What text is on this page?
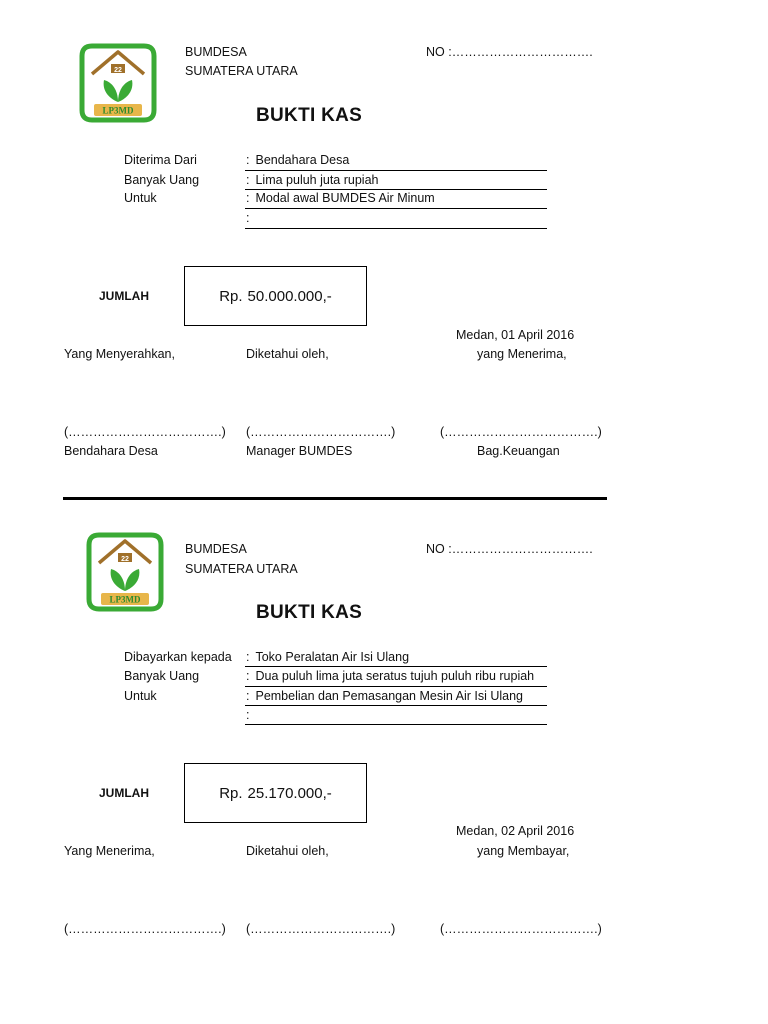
22
LP3MD
BUMDESA
SUMATERA UTARA
NO :…………………………….
BUKTI KAS
Diterima Dari	: Bendahara Desa
Banyak Uang	: Lima puluh juta rupiah
Untuk	: Modal awal BUMDES Air Minum
:
JUMLAH	Rp. 50.000.000,-
Medan, 01 April 2016
Yang Menyerahkan,	Diketahui oleh,	yang Menerima,
(……………………………….) (…………………………….)	(……………………………….)
Bendahara Desa	Manager BUMDES	Bag.Keuangan
22
LP3MD
BUMDESA
SUMATERA UTARA
NO :…………………………….
BUKTI KAS
Dibayarkan kepada : Toko Peralatan Air Isi Ulang
Banyak Uang	: Dua puluh lima juta seratus tujuh puluh ribu rupiah
Untuk	: Pembelian dan Pemasangan Mesin Air Isi Ulang
:
JUMLAH	Rp. 25.170.000,-
Medan, 02 April 2016
Yang Menerima,	Diketahui oleh,	yang Membayar,
(……………………………….) (…………………………….)	(……………………………….)
